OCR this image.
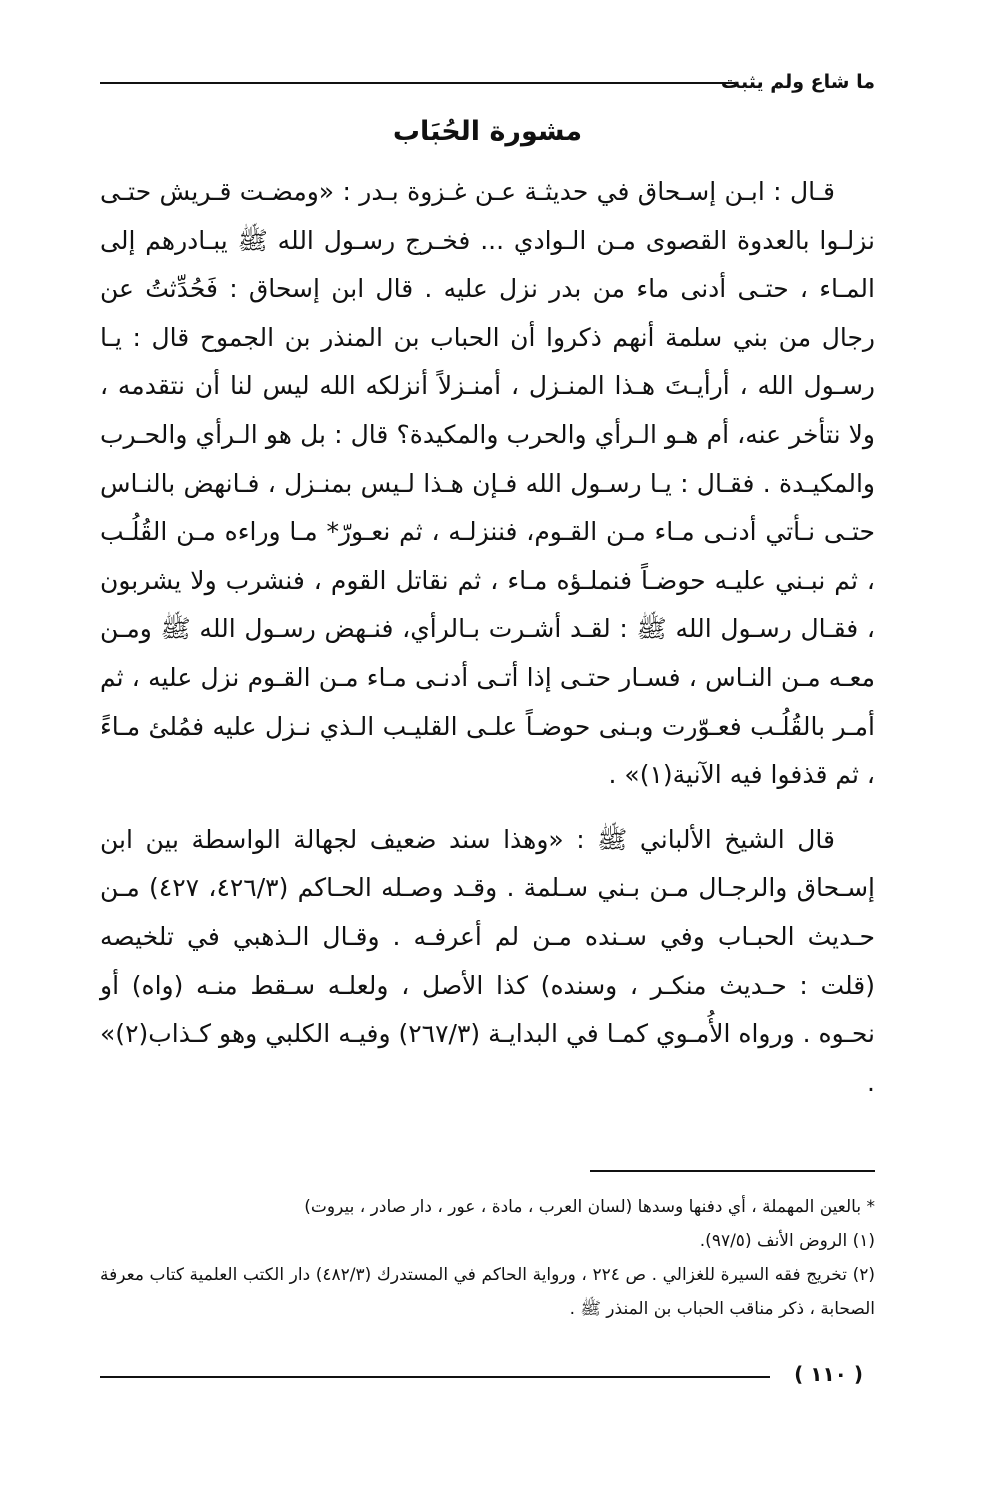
ما شاع ولم يثبت
مشورة الحُبَاب

قـال : ابـن إسـحاق في حديثـة عـن غـزوة بـدر : «ومضـت قـريش حتـى نزلـوا بالعدوة القصوى مـن الـوادي ... فخـرج رسـول الله ﷺ يبـادرهم إلى المـاء ، حتـى أدنى ماء من بدر نزل عليه . قال ابن إسحاق : فَحُدِّثتُ عن رجال من بني سلمة أنهم ذكروا أن الحباب بن المنذر بن الجموح قال : يـا رسـول الله ، أرأيـتَ هـذا المنـزل ، أمنـزلاً أنزلكه الله ليس لنا أن نتقدمه ، ولا نتأخر عنه، أم هـو الـرأي والحرب والمكيدة؟ قال : بل هو الـرأي والحـرب والمكيـدة . فقـال : يـا رسـول الله فـإن هـذا لـيس بمنـزل ، فـانهض بالنـاس حتـى نـأتي أدنـى مـاء مـن القـوم، فننزلـه ، ثم نعـورّ* مـا وراءه مـن القُلُـب ، ثم نبـني عليـه حوضـاً فنملـؤه مـاء ، ثم نقاتل القوم ، فنشرب ولا يشربون ، فقـال رسـول الله ﷺ : لقـد أشـرت بـالرأي، فنـهض رسـول الله ﷺ ومـن معـه مـن النـاس ، فسـار حتـى إذا أتـى أدنـى مـاء مـن القـوم نزل عليه ، ثم أمـر بالقُلُـب فعـوّرت وبـنى حوضـاً علـى القليـب الـذي نـزل عليه فمُلئ مـاءً ، ثم قذفوا فيه الآنية(١)» .

قال الشيخ الألباني ﷺ : «وهذا سند ضعيف لجهالة الواسطة بين ابن إسـحاق والرجـال مـن بـني سـلمة . وقـد وصـله الحـاكم (٤٢٦/٣، ٤٢٧) مـن حـديث الحبـاب وفي سـنده مـن لم أعرفـه . وقـال الـذهبي في تلخيصه (قلت : حـديث منكـر ، وسنده) كذا الأصل ، ولعلـه سـقط منـه (واه) أو نحـوه . ورواه الأُمـوي كمـا في البدايـة (٢٦٧/٣) وفيـه الكلبي وهو كـذاب(٢)» .

* بالعين المهملة ، أي دفنها وسدها (لسان العرب ، مادة ، عور ، دار صادر ، بيروت)

(١) الروض الأنف (٩٧/٥).

(٢) تخريج فقه السيرة للغزالي . ص ٢٢٤ ، ورواية الحاكم في المستدرك (٤٨٢/٣) دار الكتب العلمية كتاب معرفة الصحابة ، ذكر مناقب الحباب بن المنذر ﷺ .

( ١١٠ )
